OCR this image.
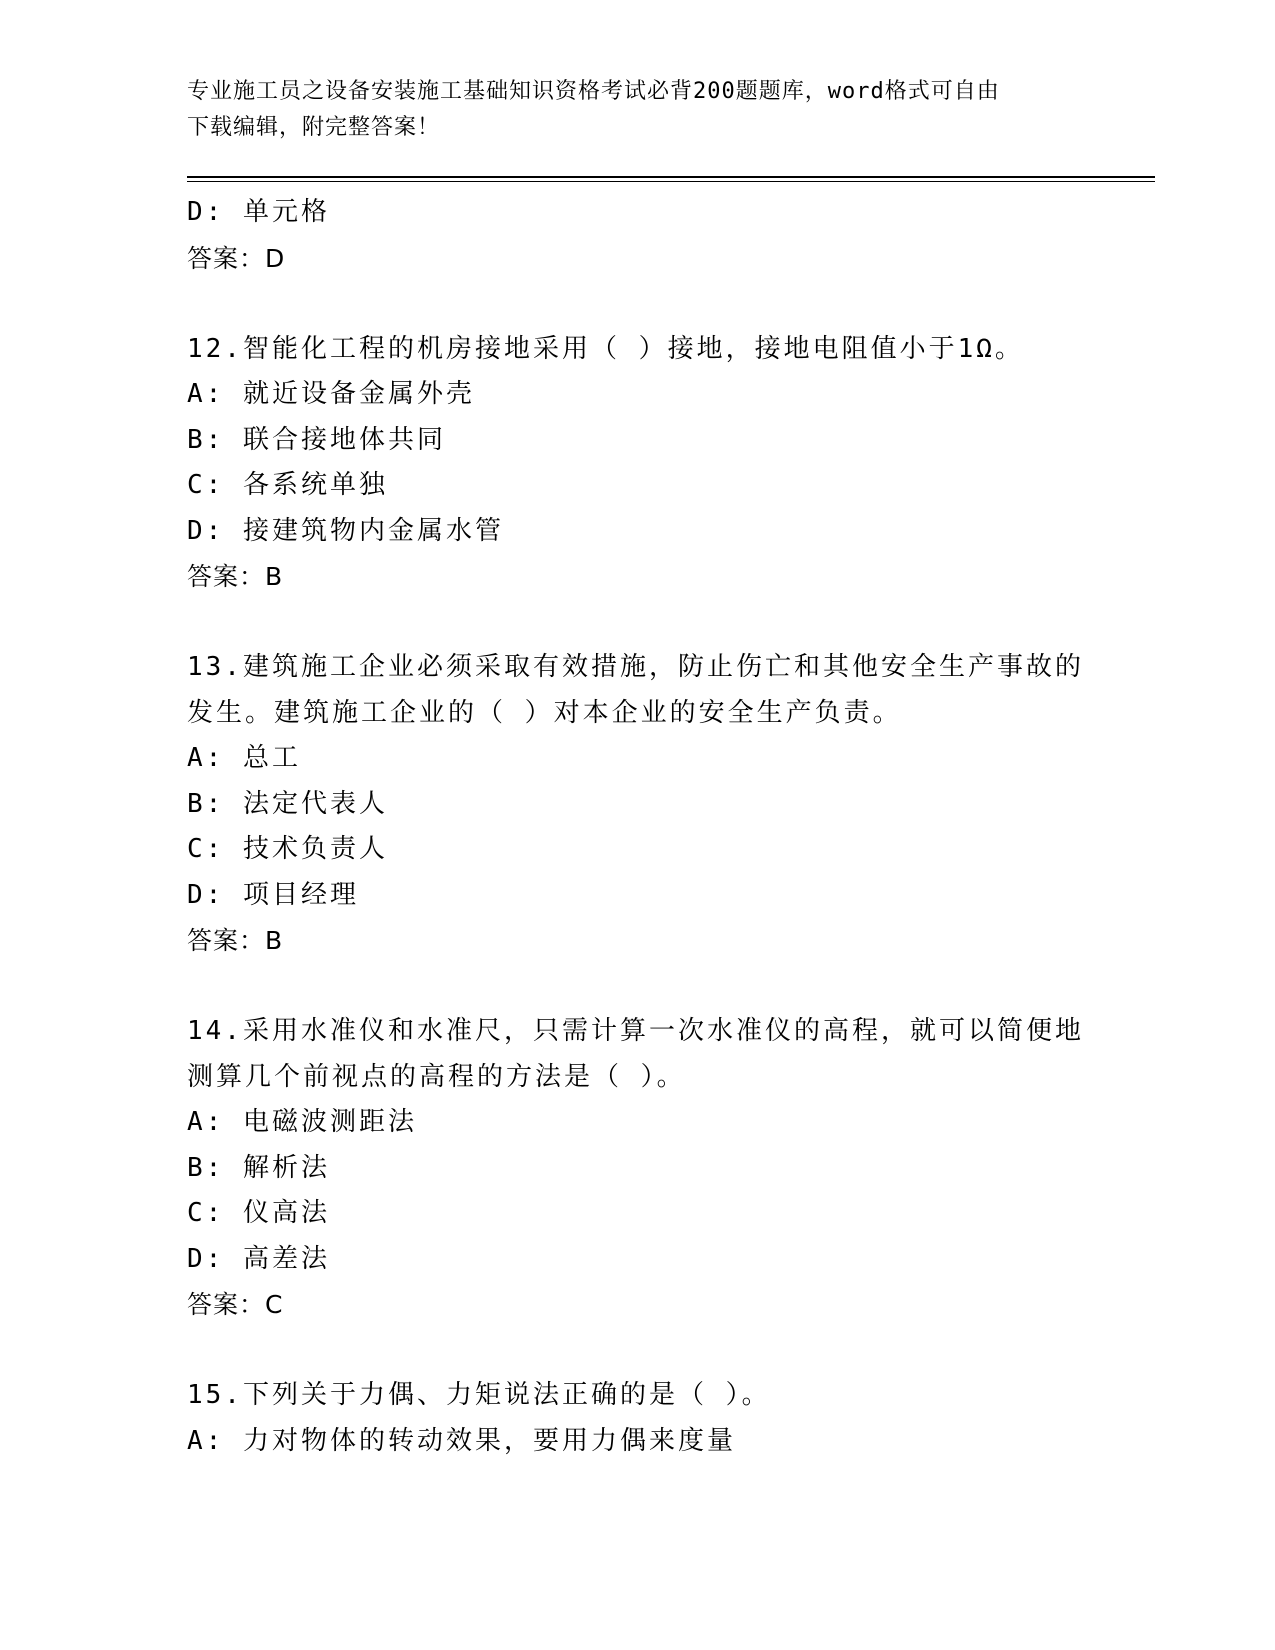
专业施工员之设备安装施工基础知识资格考试必背200题题库，word格式可自由
下载编辑，附完整答案！
D: 单元格
答案：D
12.智能化工程的机房接地采用（ ）接地，接地电阻值小于1Ω。
A: 就近设备金属外壳
B: 联合接地体共同
C: 各系统单独
D: 接建筑物内金属水管
答案：B
13.建筑施工企业必须采取有效措施，防止伤亡和其他安全生产事故的
发生。建筑施工企业的（ ）对本企业的安全生产负责。
A: 总工
B: 法定代表人
C: 技术负责人
D: 项目经理
答案：B
14.采用水准仪和水准尺，只需计算一次水准仪的高程，就可以简便地
测算几个前视点的高程的方法是（ ）。
A: 电磁波测距法
B: 解析法
C: 仪高法
D: 高差法
答案：C
15.下列关于力偶、力矩说法正确的是（ ）。
A: 力对物体的转动效果，要用力偶来度量
